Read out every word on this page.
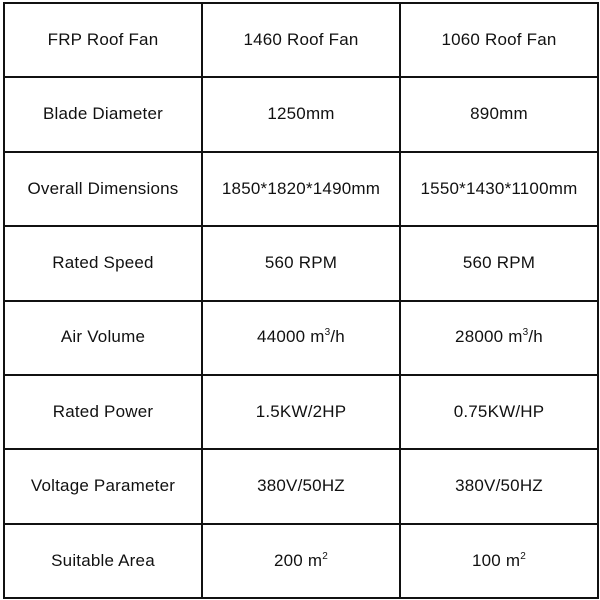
FRP Roof Fan	1460 Roof Fan	1060 Roof Fan
Blade Diameter	1250mm	890mm
Overall Dimensions	1850*1820*1490mm	1550*1430*1100mm
Rated Speed	560 RPM	560 RPM
Air Volume	44000 $m^3/h$	28000 $m^3/h$
Rated Power	1.5KW/2HP	0.75KW/HP
Voltage Parameter	380V/50HZ	380V/50HZ
Suitable Area	200 $m^2$	100 $m^2$
